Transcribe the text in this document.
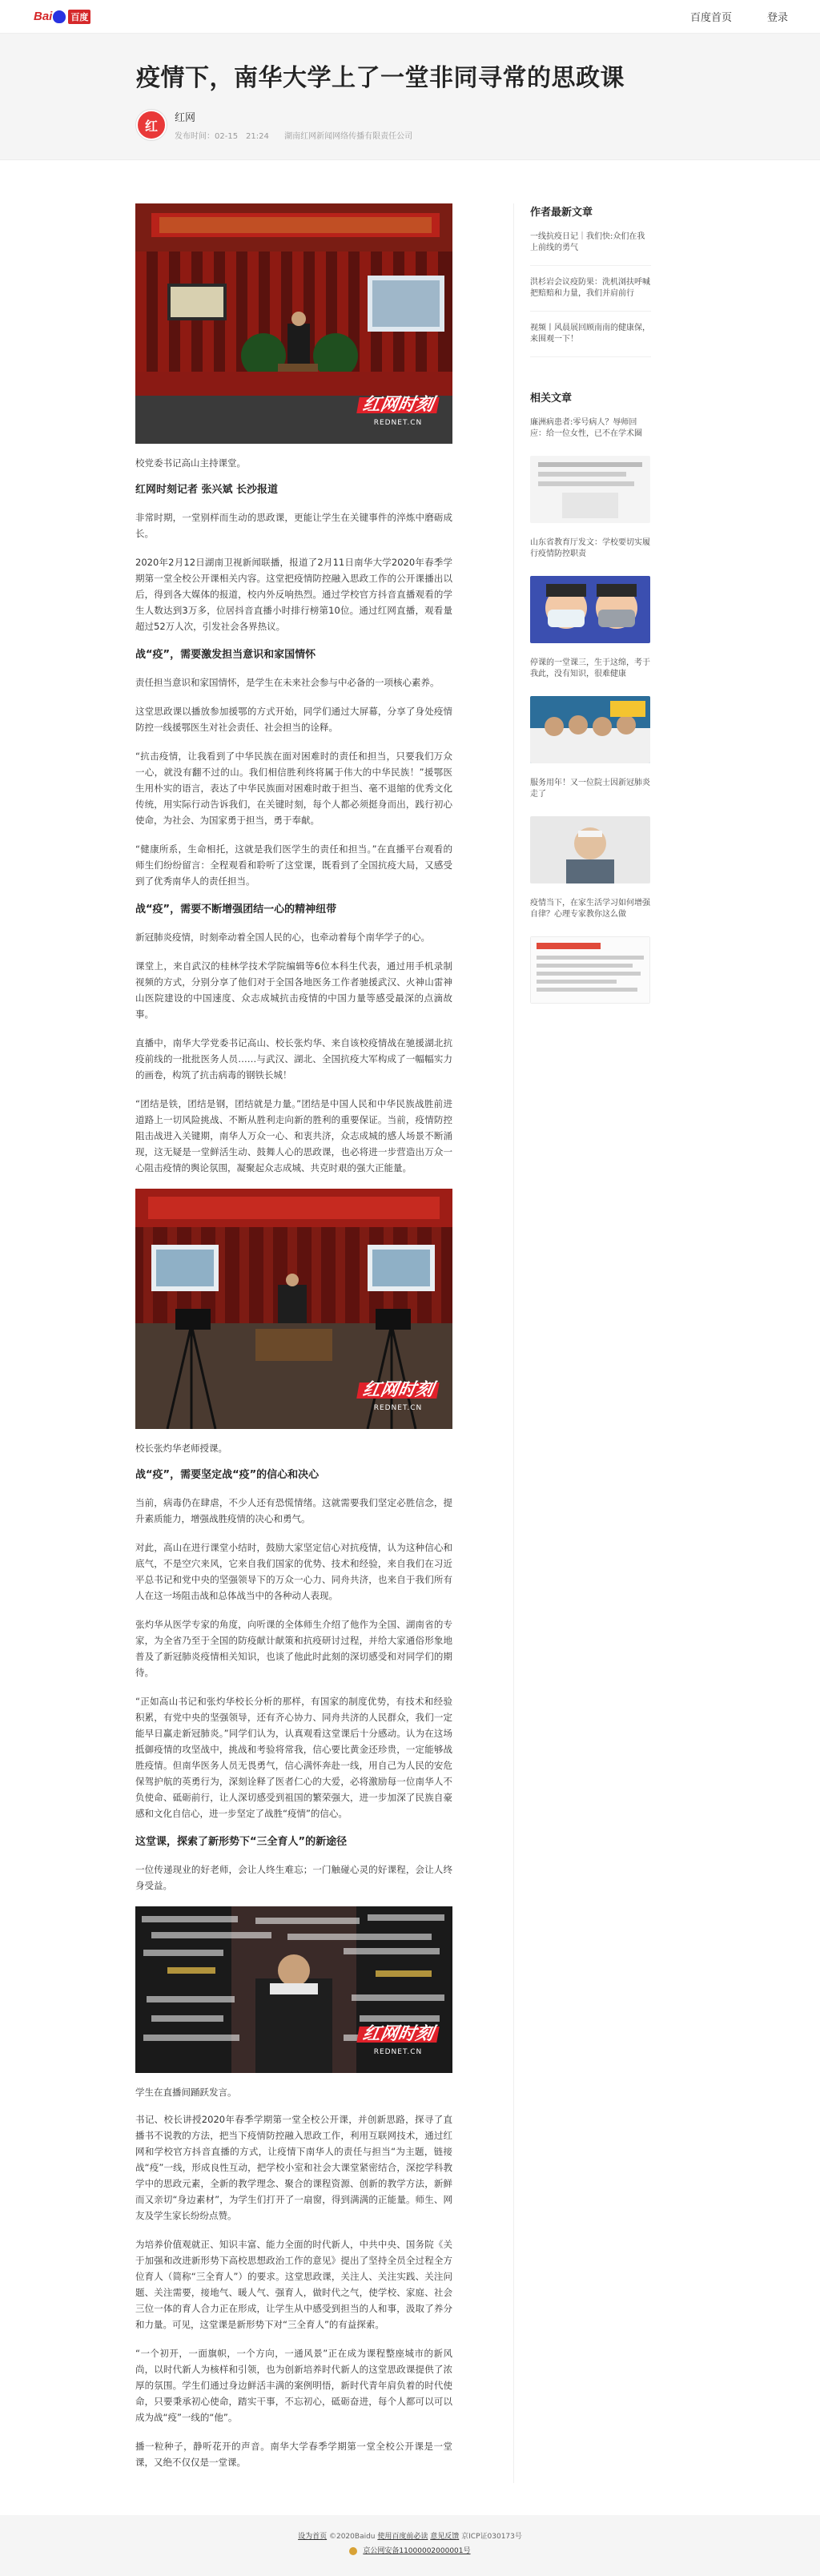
Bai 百度	百度首页	登录
疫情下，南华大学上了一堂非同寻常的思政课
红	红网
发布时间：02-15　21:24 湖南红网新闻网络传播有限责任公司
红网时刻
REDNET.CN

校党委书记高山主持课堂。

红网时刻记者 张兴斌 长沙报道

非常时期，一堂别样而生动的思政课，更能让学生在关键事件的淬炼中磨砺成长。

2020年2月12日湖南卫视新闻联播，报道了2月11日南华大学2020年春季学期第一堂全校公开课相关内容。这堂把疫情防控融入思政工作的公开课播出以后，得到各大媒体的报道，校内外反响热烈。通过学校官方抖音直播观看的学生人数达到3万多，位居抖音直播小时排行榜第10位。通过红网直播，观看量超过52万人次，引发社会各界热议。

战“疫”，需要激发担当意识和家国情怀

责任担当意识和家国情怀，是学生在未来社会参与中必备的一项核心素养。

这堂思政课以播放参加援鄂的方式开始，同学们通过大屏幕，分享了身处疫情防控一线援鄂医生对社会责任、社会担当的诠释。

“抗击疫情，让我看到了中华民族在面对困难时的责任和担当，只要我们万众一心，就没有翻不过的山。我们相信胜利终将属于伟大的中华民族！”援鄂医生用朴实的语言，表达了中华民族面对困难时敢于担当、毫不退缩的优秀文化传统，用实际行动告诉我们，在关键时刻，每个人都必须挺身而出，践行初心使命，为社会、为国家勇于担当，勇于奉献。

“健康所系，生命相托，这就是我们医学生的责任和担当。”在直播平台观看的师生们纷纷留言：全程观看和聆听了这堂课，既看到了全国抗疫大局，又感受到了优秀南华人的责任担当。

战“疫”，需要不断增强团结一心的精神纽带

新冠肺炎疫情，时刻牵动着全国人民的心，也牵动着每个南华学子的心。

课堂上，来自武汉的桂林学技术学院编辑等6位本科生代表，通过用手机录制视频的方式，分别分享了他们对于全国各地医务工作者驰援武汉、火神山雷神山医院建设的中国速度、众志成城抗击疫情的中国力量等感受最深的点滴故事。

直播中，南华大学党委书记高山、校长张灼华、来自该校疫情战在驰援湖北抗疫前线的一批批医务人员……与武汉、湖北、全国抗疫大军构成了一幅幅实力的画卷，构筑了抗击病毒的钢铁长城！

“团结是铁，团结是钢，团结就是力量。”团结是中国人民和中华民族战胜前进道路上一切风险挑战、不断从胜利走向新的胜利的重要保证。当前，疫情防控阻击战进入关键期，南华人万众一心、和衷共济，众志成城的感人场景不断涌现，这无疑是一堂鲜活生动、鼓舞人心的思政课，也必将进一步营造出万众一心阻击疫情的舆论氛围，凝聚起众志成城、共克时艰的强大正能量。

红网时刻
REDNET.CN

校长张灼华老师授课。

战“疫”，需要坚定战“疫”的信心和决心

当前，病毒仍在肆虐，不少人还有恐慌情绪。这就需要我们坚定必胜信念，提升素质能力，增强战胜疫情的决心和勇气。

对此，高山在进行课堂小结时，鼓励大家坚定信心对抗疫情，认为这种信心和底气，不是空穴来风，它来自我们国家的优势、技术和经验，来自我们在习近平总书记和党中央的坚强领导下的万众一心力、同舟共济，也来自于我们所有人在这一场阻击战和总体战当中的各种动人表现。

张灼华从医学专家的角度，向听课的全体师生介绍了他作为全国、湖南省的专家，为全省乃至于全国的防疫献计献策和抗疫研讨过程，并给大家通俗形象地普及了新冠肺炎疫情相关知识，也谈了他此时此刻的深切感受和对同学们的期待。

“正如高山书记和张灼华校长分析的那样，有国家的制度优势，有技术和经验积累，有党中央的坚强领导，还有齐心协力、同舟共济的人民群众，我们一定能早日赢走新冠肺炎。”同学们认为，认真观看这堂课后十分感动。认为在这场抵御疫情的攻坚战中，挑战和考验将常我，信心要比黄金还珍贵，一定能够战胜疫情。但南华医务人员无畏勇气，信心满怀奔赴一线，用自己为人民的安危保驾护航的英勇行为，深刻诠释了医者仁心的大爱，必将激励每一位南华人不负使命、砥砺前行，让人深切感受到祖国的繁荣强大，进一步加深了民族自豪感和文化自信心，进一步坚定了战胜“疫情”的信心。

这堂课，探索了新形势下“三全育人”的新途径

一位传递现业的好老师，会让人终生难忘；一门触碰心灵的好课程，会让人终身受益。

红网时刻
REDNET.CN

学生在直播间踊跃发言。

书记、校长讲授2020年春季学期第一堂全校公开课，并创新思路，探寻了直播书不说教的方法，把当下疫情防控融入思政工作，利用互联网技术，通过红网和学校官方抖音直播的方式，让疫情下南华人的责任与担当“为主题，链接战“疫”一线，形成良性互动，把学校小室和社会大课堂紧密结合，深挖学科教学中的思政元素，全新的教学理念、聚合的课程资源、创新的教学方法，新鲜而又亲切“身边素材”，为学生们打开了一扇窗，得到满满的正能量。师生、网友及学生家长纷纷点赞。

为培养价值观就正、知识丰富、能力全面的时代新人，中共中央、国务院《关于加强和改进新形势下高校思想政治工作的意见》提出了坚持全员全过程全方位育人（简称“三全育人”）的要求。这堂思政课，关注人、关注实践、关注问题、关注需要，接地气、暖人气、强育人，做时代之气，使学校、家庭、社会三位一体的育人合力正在形成，让学生从中感受到担当的人和事，汲取了养分和力量。可见，这堂课是新形势下对“三全育人”的有益探索。

“一个初开，一面旗帜，一个方向，一通风景”正在成为课程整座城市的新风尚，以时代新人为核样和引领，也为创新培养时代新人的这堂思政课提供了浓厚的氛围。学生们通过身边鲜活丰满的案例明悟，新时代青年肩负着的时代使命，只要秉承初心使命，踏实干事，不忘初心，砥砺奋进，每个人都可以可以成为战“疫”一线的“他”。

播一粒种子，静听花开的声音。南华大学春季学期第一堂全校公开课是一堂课，又绝不仅仅是一堂课。

作者最新文章
一线抗疫日记｜我们快:众们在我上前线的勇气
洪杉岩会议疫防果：洗机浏扶呼喊把赔赔和力量，我们并肩前行
视频丨风晨展回顾南南的健康保，来围观一下！
相关文章
廉洲病患者:零号病人？辱师回应：给一位女性，已不在学术圈
山东省教育厅发文：学校要切实履行疫情防控职责
停课的一堂课三，生于这绵，考于我此，没有知识，很难健康
服务用年！又一位院士因新冠肺炎走了
疫情当下，在家生活学习如何增强自律？心理专家教你这么做
设为首页 ©2020Baidu 使用百度前必读 意见反馈 京ICP证030173号
京公网安备11000002000001号
